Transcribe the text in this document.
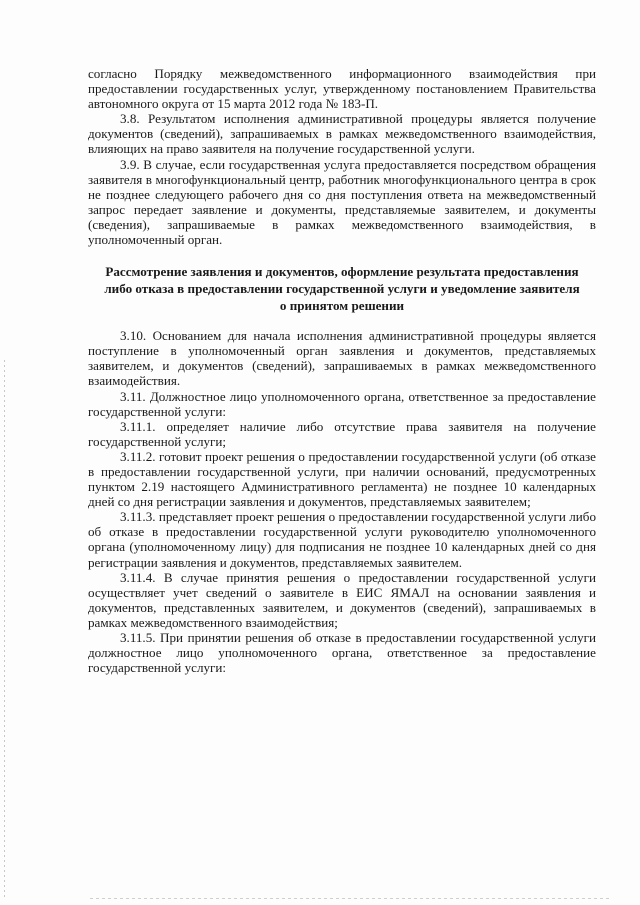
согласно Порядку межведомственного информационного взаимодействия при предоставлении государственных услуг, утвержденному постановлением Правительства автономного округа от 15 марта 2012 года № 183-П.

3.8. Результатом исполнения административной процедуры является получение документов (сведений), запрашиваемых в рамках межведомственного взаимодействия, влияющих на право заявителя на получение государственной услуги.

3.9. В случае, если государственная услуга предоставляется посредством обращения заявителя в многофункциональный центр, работник многофункционального центра в срок не позднее следующего рабочего дня со дня поступления ответа на межведомственный запрос передает заявление и документы, представляемые заявителем, и документы (сведения), запрашиваемые в рамках межведомственного взаимодействия, в уполномоченный орган.

Рассмотрение заявления и документов, оформление результата предоставления либо отказа в предоставлении государственной услуги и уведомление заявителя о принятом решении

3.10. Основанием для начала исполнения административной процедуры является поступление в уполномоченный орган заявления и документов, представляемых заявителем, и документов (сведений), запрашиваемых в рамках межведомственного взаимодействия.

3.11. Должностное лицо уполномоченного органа, ответственное за предоставление государственной услуги:

3.11.1. определяет наличие либо отсутствие права заявителя на получение государственной услуги;

3.11.2. готовит проект решения о предоставлении государственной услуги (об отказе в предоставлении государственной услуги, при наличии оснований, предусмотренных пунктом 2.19 настоящего Административного регламента) не позднее 10 календарных дней со дня регистрации заявления и документов, представляемых заявителем;

3.11.3. представляет проект решения о предоставлении государственной услуги либо об отказе в предоставлении государственной услуги руководителю уполномоченного органа (уполномоченному лицу) для подписания не позднее 10 календарных дней со дня регистрации заявления и документов, представляемых заявителем.

3.11.4. В случае принятия решения о предоставлении государственной услуги осуществляет учет сведений о заявителе в ЕИС ЯМАЛ на основании заявления и документов, представленных заявителем, и документов (сведений), запрашиваемых в рамках межведомственного взаимодействия;

3.11.5. При принятии решения об отказе в предоставлении государственной услуги должностное лицо уполномоченного органа, ответственное за предоставление государственной услуги:
